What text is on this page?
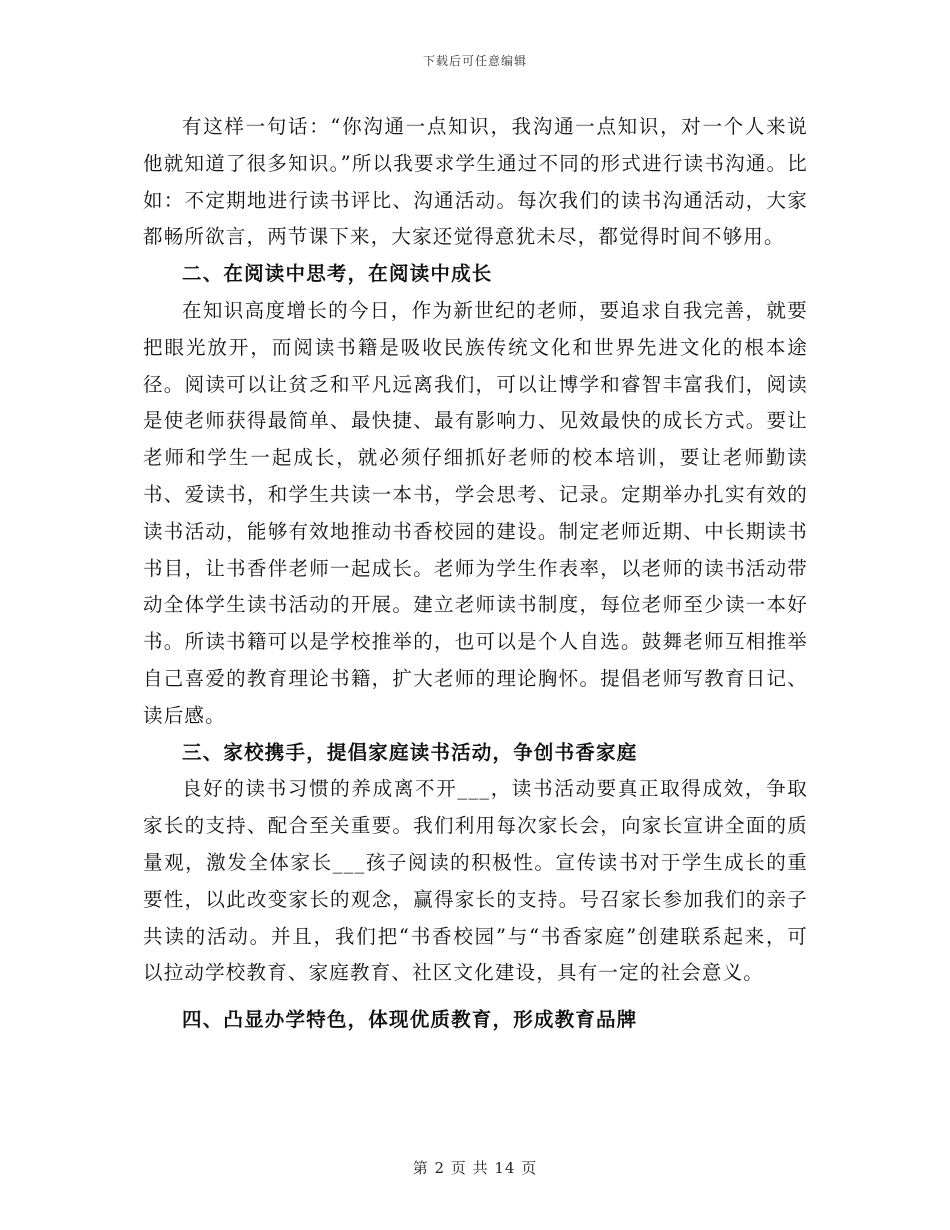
下载后可任意编辑

有这样一句话：“你沟通一点知识，我沟通一点知识，对一个人来说他就知道了很多知识。”所以我要求学生通过不同的形式进行读书沟通。比如：不定期地进行读书评比、沟通活动。每次我们的读书沟通活动，大家都畅所欲言，两节课下来，大家还觉得意犹未尽，都觉得时间不够用。

二、在阅读中思考，在阅读中成长

在知识高度增长的今日，作为新世纪的老师，要追求自我完善，就要把眼光放开，而阅读书籍是吸收民族传统文化和世界先进文化的根本途径。阅读可以让贫乏和平凡远离我们，可以让博学和睿智丰富我们，阅读是使老师获得最简单、最快捷、最有影响力、见效最快的成长方式。要让老师和学生一起成长，就必须仔细抓好老师的校本培训，要让老师勤读书、爱读书，和学生共读一本书，学会思考、记录。定期举办扎实有效的读书活动，能够有效地推动书香校园的建设。制定老师近期、中长期读书书目，让书香伴老师一起成长。老师为学生作表率，以老师的读书活动带动全体学生读书活动的开展。建立老师读书制度，每位老师至少读一本好书。所读书籍可以是学校推举的，也可以是个人自选。鼓舞老师互相推举自己喜爱的教育理论书籍，扩大老师的理论胸怀。提倡老师写教育日记、读后感。

三、家校携手，提倡家庭读书活动，争创书香家庭

良好的读书习惯的养成离不开___，读书活动要真正取得成效，争取家长的支持、配合至关重要。我们利用每次家长会，向家长宣讲全面的质量观，激发全体家长___孩子阅读的积极性。宣传读书对于学生成长的重要性，以此改变家长的观念，赢得家长的支持。号召家长参加我们的亲子共读的活动。并且，我们把“书香校园”与“书香家庭”创建联系起来，可以拉动学校教育、家庭教育、社区文化建设，具有一定的社会意义。

四、凸显办学特色，体现优质教育，形成教育品牌

第 2 页 共 14 页
